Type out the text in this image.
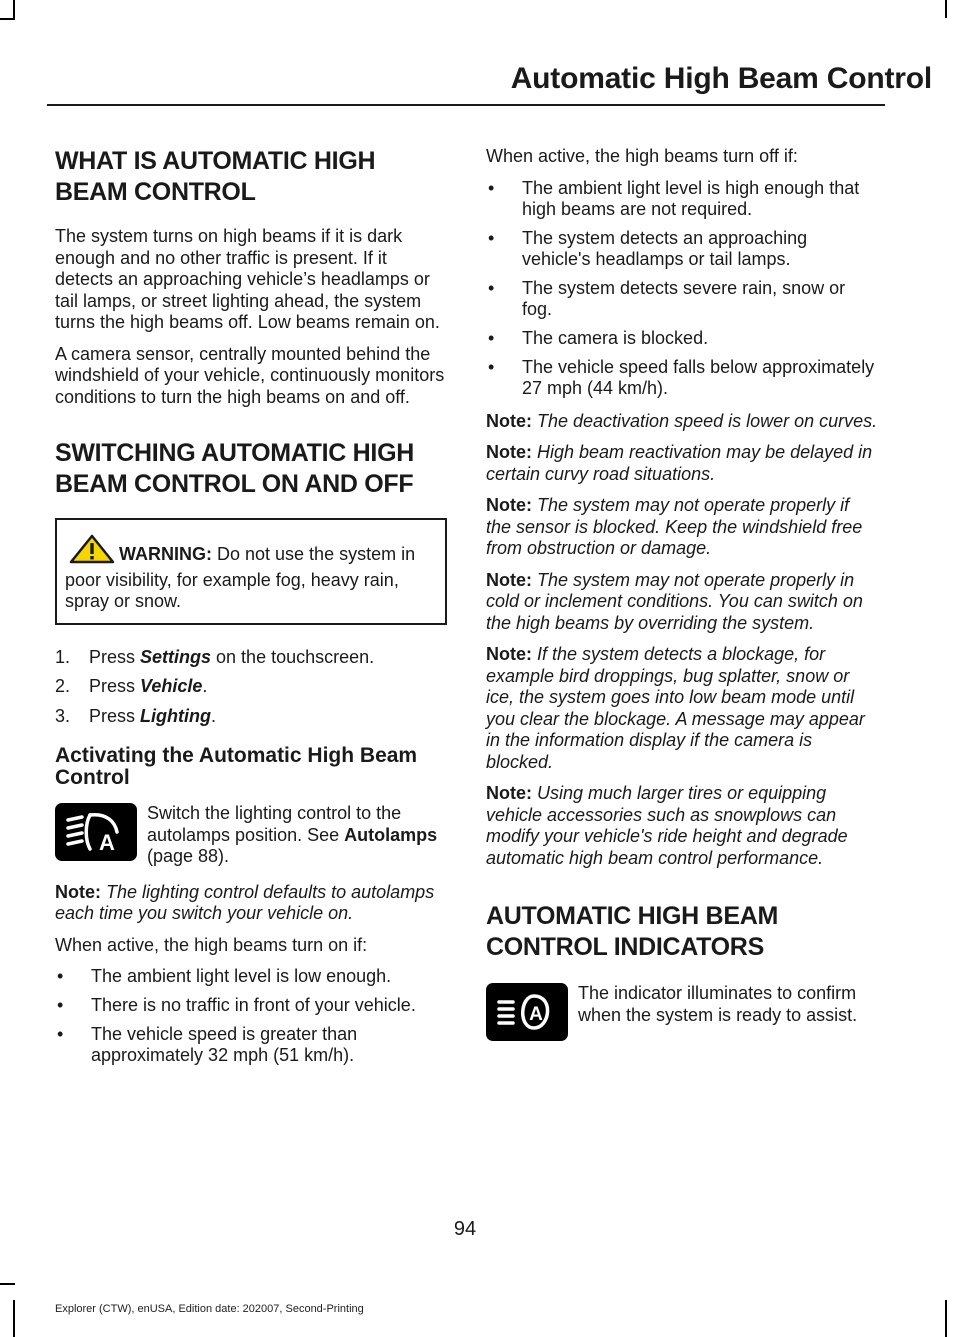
Automatic High Beam Control
WHAT IS AUTOMATIC HIGH BEAM CONTROL

The system turns on high beams if it is dark enough and no other traffic is present. If it detects an approaching vehicle’s headlamps or tail lamps, or street lighting ahead, the system turns the high beams off. Low beams remain on.

A camera sensor, centrally mounted behind the windshield of your vehicle, continuously monitors conditions to turn the high beams on and off.

SWITCHING AUTOMATIC HIGH BEAM CONTROL ON AND OFF
WARNING: Do not use the system in poor visibility, for example fog, heavy rain, spray or snow.
1.	Press Settings on the touchscreen.
2.	Press Vehicle.
3.	Press Lighting.
Activating the Automatic High Beam Control
A
Switch the lighting control to the autolamps position. See Autolamps (page 88).

Note: The lighting control defaults to autolamps each time you switch your vehicle on.

When active, the high beams turn on if:

•	The ambient light level is low enough.
•	There is no traffic in front of your vehicle.
•	The vehicle speed is greater than approximately 32 mph (51 km/h).

When active, the high beams turn off if:

•	The ambient light level is high enough that high beams are not required.
•	The system detects an approaching vehicle's headlamps or tail lamps.
•	The system detects severe rain, snow or fog.
•	The camera is blocked.
•	The vehicle speed falls below approximately 27 mph (44 km/h).

Note: The deactivation speed is lower on curves.

Note: High beam reactivation may be delayed in certain curvy road situations.

Note: The system may not operate properly if the sensor is blocked. Keep the windshield free from obstruction or damage.

Note: The system may not operate properly in cold or inclement conditions. You can switch on the high beams by overriding the system.

Note: If the system detects a blockage, for example bird droppings, bug splatter, snow or ice, the system goes into low beam mode until you clear the blockage. A message may appear in the information display if the camera is blocked.

Note: Using much larger tires or equipping vehicle accessories such as snowplows can modify your vehicle's ride height and degrade automatic high beam control performance.

AUTOMATIC HIGH BEAM CONTROL INDICATORS
A
The indicator illuminates to confirm when the system is ready to assist.
94
Explorer (CTW), enUSA, Edition date: 202007, Second-Printing
